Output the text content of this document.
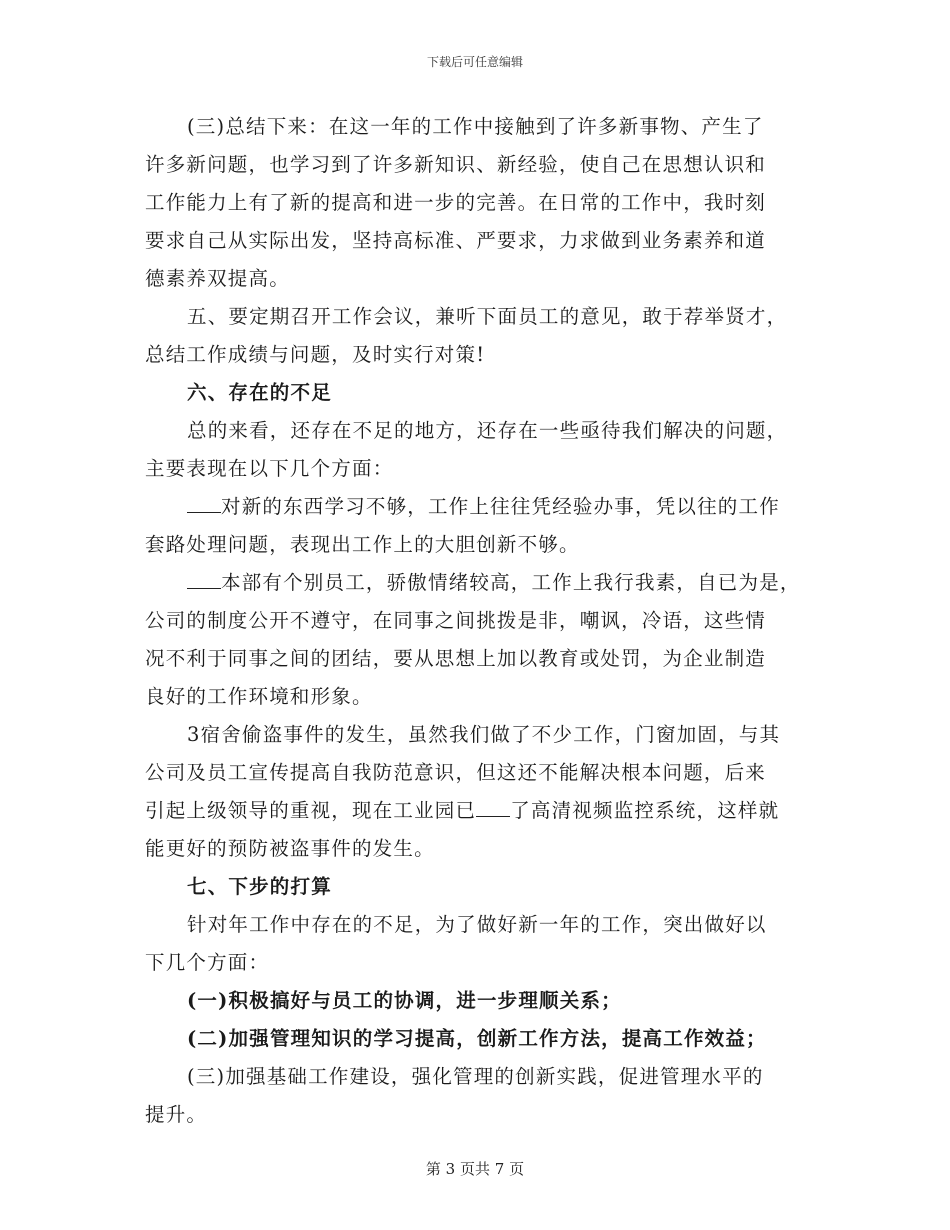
下载后可任意编辑
(三)总结下来：在这一年的工作中接触到了许多新事物、产生了
许多新问题，也学习到了许多新知识、新经验，使自己在思想认识和
工作能力上有了新的提高和进一步的完善。在日常的工作中，我时刻
要求自己从实际出发，坚持高标准、严要求，力求做到业务素养和道
德素养双提高。
五、要定期召开工作会议，兼听下面员工的意见，敢于荐举贤才，
总结工作成绩与问题，及时实行对策!
六、存在的不足
总的来看，还存在不足的地方，还存在一些亟待我们解决的问题，
主要表现在以下几个方面：
对新的东西学习不够，工作上往往凭经验办事，凭以往的工作
套路处理问题，表现出工作上的大胆创新不够。
本部有个别员工，骄傲情绪较高，工作上我行我素，自已为是，
公司的制度公开不遵守，在同事之间挑拨是非，嘲讽，冷语，这些情
况不利于同事之间的团结，要从思想上加以教育或处罚，为企业制造
良好的工作环境和形象。
3宿舍偷盗事件的发生，虽然我们做了不少工作，门窗加固，与其
公司及员工宣传提高自我防范意识，但这还不能解决根本问题，后来
引起上级领导的重视，现在工业园已 了高清视频监控系统，这样就
能更好的预防被盗事件的发生。
七、下步的打算
针对年工作中存在的不足，为了做好新一年的工作，突出做好以
下几个方面：
(一)积极搞好与员工的协调，进一步理顺关系；
(二)加强管理知识的学习提高，创新工作方法，提高工作效益；
(三)加强基础工作建设，强化管理的创新实践，促进管理水平的
提升。
第 3 页共 7 页
